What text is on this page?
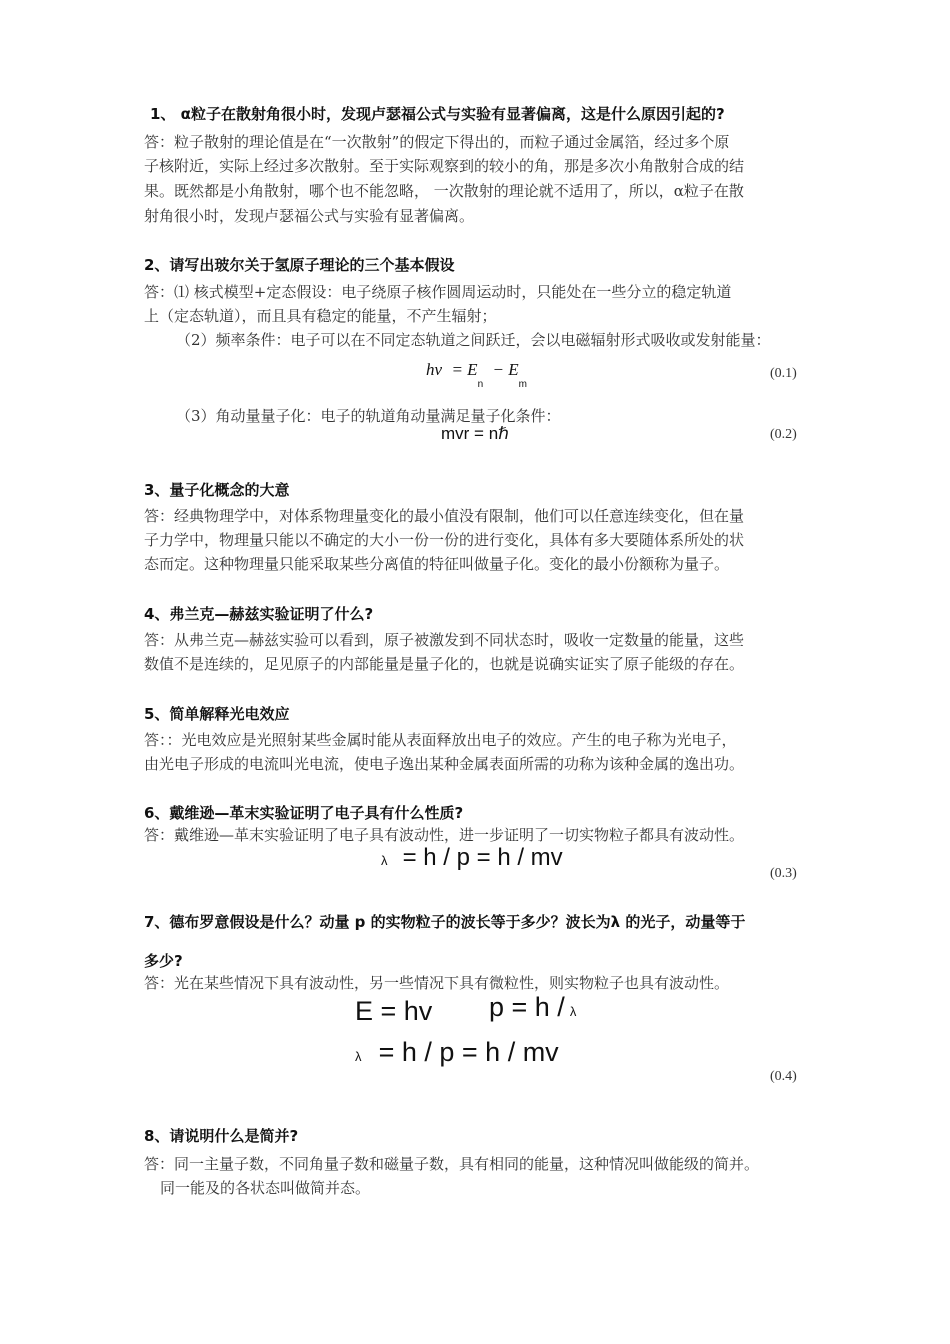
1、 α粒子在散射角很小时，发现卢瑟福公式与实验有显著偏离，这是什么原因引起的?
答：粒子散射的理论值是在“一次散射”的假定下得出的，而粒子通过金属箔，经过多个原
子核附近，实际上经过多次散射。至于实际观察到的较小的角，那是多次小角散射合成的结
果。既然都是小角散射，哪个也不能忽略， 一次散射的理论就不适用了，所以，α粒子在散
射角很小时，发现卢瑟福公式与实验有显著偏离。
2、请写出玻尔关于氢原子理论的三个基本假设
答：⑴ 核式模型+定态假设：电子绕原子核作圆周运动时，只能处在一些分立的稳定轨道
上（定态轨道），而且具有稳定的能量，不产生辐射；
（2）频率条件：电子可以在不同定态轨道之间跃迁，会以电磁辐射形式吸收或发射能量：
$h\nu = E_n - E_m$
(0.1)
（3）角动量量子化：电子的轨道角动量满足量子化条件：
mvr = nℏ	(0.2)
3、量子化概念的大意
答：经典物理学中，对体系物理量变化的最小值没有限制，他们可以任意连续变化，但在量
子力学中，物理量只能以不确定的大小一份一份的进行变化，具体有多大要随体系所处的状
态而定。这种物理量只能采取某些分离值的特征叫做量子化。变化的最小份额称为量子。
4、弗兰克—赫兹实验证明了什么?
答：从弗兰克—赫兹实验可以看到，原子被激发到不同状态时，吸收一定数量的能量，这些
数值不是连续的，足见原子的内部能量是量子化的，也就是说确实证实了原子能级的存在。
5、简单解释光电效应
答：：光电效应是光照射某些金属时能从表面释放出电子的效应。产生的电子称为光电子，
由光电子形成的电流叫光电流，使电子逸出某种金属表面所需的功称为该种金属的逸出功。
6、戴维逊—革末实验证明了电子具有什么性质?
答：戴维逊—革末实验证明了电子具有波动性，进一步证明了一切实物粒子都具有波动性。
λ = h / p = h / mv
(0.3)
7、德布罗意假设是什么？动量 p 的实物粒子的波长等于多少？波长为λ 的光子，动量等于
多少?
答：光在某些情况下具有波动性，另一些情况下具有微粒性，则实物粒子也具有波动性。
E = hv p = h / λ
λ = h / p = h / mv
(0.4)
8、请说明什么是简并?
答：同一主量子数，不同角量子数和磁量子数，具有相同的能量，这种情况叫做能级的简并。
同一能及的各状态叫做简并态。
